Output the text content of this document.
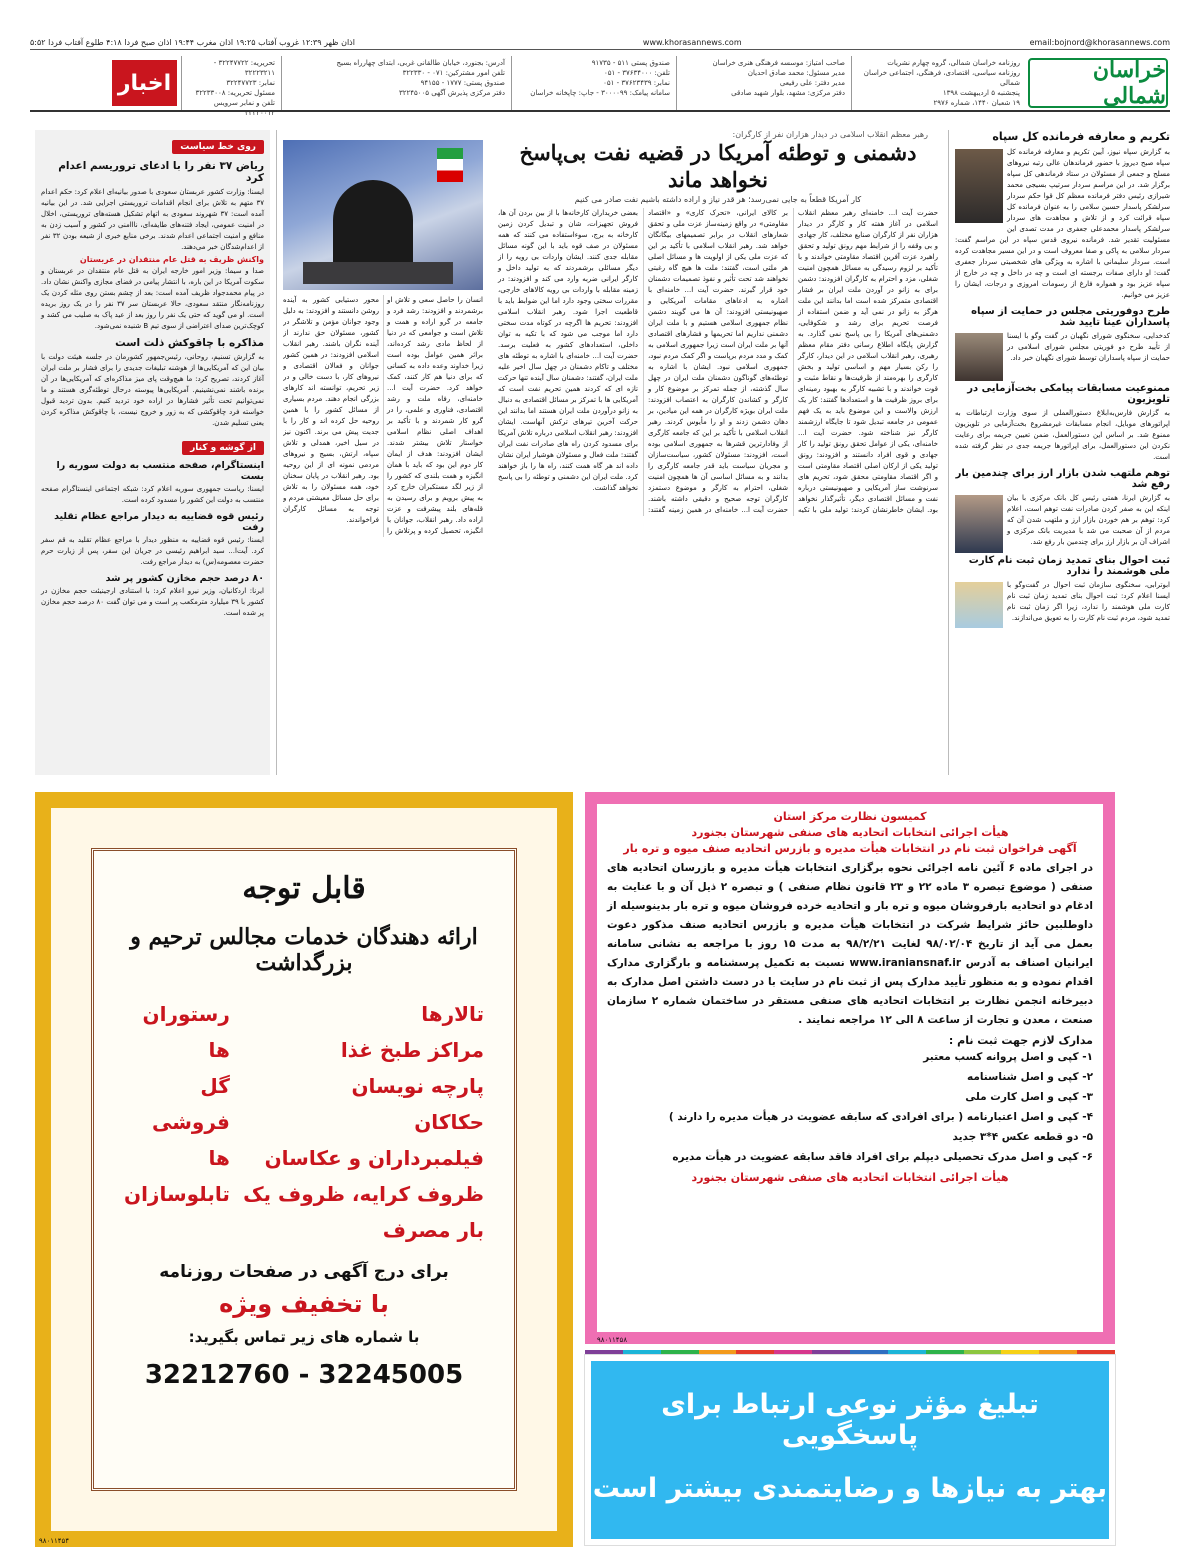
اذان ظهر ۱۲:۳۹ غروب آفتاب ۱۹:۲۵ اذان مغرب ۱۹:۴۴ اذان صبح فردا ۴:۱۸ طلوع آفتاب فردا ۵:۵۲	www.khorasannews.com	email:bojnord@khorasannews.com
خراسان شمالی
روزنامه خراسان شمالی، گروه چهارم نشریات
روزنامه سیاسی، اقتصادی، فرهنگی، اجتماعی خراسان شمالی
پنجشنبه ۵ اردیبهشت ۱۳۹۸
۱۹ شعبان ۱۴۴۰، شماره ۲۹۷۶
صاحب امتیاز: موسسه فرهنگی هنری خراسان
مدیر مسئول: محمد صادق احدیان
مدیر دفتر: علی رفیعی
دفتر مرکزی: مشهد، بلوار شهید صادقی
صندوق پستی ۵۱۱ - ۹۱۷۳۵
تلفن: ۳۷۶۳۴۰۰۰ - ۰۵۱
نمابر: ۳۷۶۲۳۴۳۹ - ۰۵۱
سامانه پیامک: ۳۰۰۰۰۹۹ - جاپ: چاپخانه خراسان
آدرس: بجنورد، خیابان طالقانی غربی، ابتدای چهارراه بسیج
تلفن امور مشترکین: ۰۷۱ - ۳۲۲۳۳۰
صندوق پستی: ۱۷۷۷ - ۹۴۱۵۵
دفتر مرکزی پذیرش آگهی ۳۲۲۴۵۰۰۵
تحریریه: ۳۲۲۴۷۷۲۲ - ۳۲۲۲۳۲۱۱
نمابر: ۳۲۲۴۷۷۲۳
مسئول تحریریه: ۳۲۲۳۳۰۰۸
تلفن و نمابر سرویس ۳۲۲۳۰۰۱۴
اخبار
تکریم و معارفه فرمانده کل سپاه

به گزارش سپاه نیوز، آیین تکریم و معارفه فرمانده کل سپاه صبح دیروز با حضور فرماندهان عالی رتبه نیروهای مسلح و جمعی از مسئولان در ستاد فرماندهی کل سپاه برگزار شد. در این مراسم سردار سرتیپ بسیجی محمد شیرازی رئیس دفتر فرمانده معظم کل قوا حکم سردار سرلشکر پاسدار حسین سلامی را به عنوان فرمانده کل سپاه قرائت کرد و از تلاش و مجاهدت های سردار سرلشکر پاسدار محمدعلی جعفری در مدت تصدی این مسئولیت تقدیر شد. فرمانده نیروی قدس سپاه در این مراسم گفت: سردار سلامی به پاکی و صفا معروف است و در این مسیر مجاهدت کرده است. سردار سلیمانی با اشاره به ویژگی های شخصیتی سردار جعفری گفت: او دارای صفات برجسته ای است و چه در داخل و چه در خارج از سپاه عزیز بود و همواره فارغ از رسومات امروزی و درجات، ایشان را عزیز می خوانیم.

طرح دوفوریتی مجلس در حمایت از سپاه پاسداران عینا تایید شد

کدخدایی، سخنگوی شورای نگهبان در گفت وگو با ایسنا از تأیید طرح دو فوریتی مجلس شورای اسلامی در حمایت از سپاه پاسداران توسط شورای نگهبان خبر داد.

ممنوعیت مسابقات پیامکی بخت‌آزمایی در تلویزیون

به گزارش فارس‌به‌ابلاغ دستورالعملی از سوی وزارت ارتباطات به اپراتورهای موبایل، انجام مسابقات غیرمشروع بخت‌آزمایی در تلویزیون ممنوع شد. بر اساس این دستورالعمل، ضمن تعیین جریمه برای رعایت نکردن این دستورالعمل، برای اپراتورها جریمه جدی در نظر گرفته شده است.

توهم ملتهب شدن بازار ارز برای چندمین بار رفع شد

به گزارش ایرنا، همتی رئیس کل بانک مرکزی با بیان اینکه این به صفر کردن صادرات نفت توهم است، اعلام کرد: توهم بر هم خوردن بازار ارز و ملتهب شدن آن که مردم از آن صحبت می شد با مدیریت بانک مرکزی و اشراف آن بر بازار ارز برای چندمین بار رفع شد.

ثبت احوال بنای تمدید زمان ثبت نام کارت ملی هوشمند را ندارد

ابوترابی، سخنگوی سازمان ثبت احوال در گفت‌وگو با ایسنا اعلام کرد: ثبت احوال بنای تمدید زمان ثبت نام کارت ملی هوشمند را ندارد، زیرا اگر زمان ثبت نام تمدید شود، مردم ثبت نام کارت را به تعویق می‌اندازند.

رهبر معظم انقلاب اسلامی در دیدار هزاران نفر از کارگران:
دشمنی و توطئه آمریکا در قضیه نفت بی‌پاسخ نخواهد ماند
کار آمریکا قطعاً به جایی نمی‌رسد؛ هر قدر نیاز و اراده داشته باشیم نفت صادر می کنیم

حضرت آیت ا... خامنه‌ای رهبر معظم انقلاب اسلامی در آغاز هفته کار و کارگر در دیدار هزاران نفر از کارگران صنایع مختلف، کار جهادی و بی وقفه را از شرایط مهم رونق تولید و تحقق راهبرد عزت آفرین اقتصاد مقاومتی خواندند و با تأکید بر لزوم رسیدگی به مسائل همچون امنیت شغلی، مزد و احترام به کارگران افزودند: دشمن برای به زانو در آوردن ملت ایران بر فشار اقتصادی متمرکز شده است اما بدانند این ملت هرگز به زانو در نمی آید و ضمن استفاده از فرصت تحریم برای رشد و شکوفایی، دشمنی‌های آمریکا را بی پاسخ نمی گذارد. به گزارش پایگاه اطلاع رسانی دفتر مقام معظم رهبری، رهبر انقلاب اسلامی در این دیدار، کارگر را رکن بسیار مهم و اساسی تولید و بخش کارگری را بهره‌مند از ظرفیت‌ها و نقاط مثبت و قوت خواندند و با تشبیه کارگر به بهبود رمینه‌ای برای بروز ظرفیت ها و استعدادها گفتند: کار یک ارزش والاست و این موضوع باید به یک فهم عمومی در جامعه تبدیل شود تا جایگاه ارزشمند کارگر نیز شناخته شود. حضرت آیت ا... خامنه‌ای، یکی از عوامل تحقق رونق تولید را کار جهادی و قوی افراد دانستند و افزودند: رونق تولید یکی از ارکان اصلی اقتصاد مقاومتی است و اگر اقتصاد مقاومتی محقق شود، تحریم های سرنوشت ساز آمریکایی و صهیونیستی درباره نفت و مسائل اقتصادی دیگر، تأثیرگذار نخواهد بود. ایشان خاطرنشان کردند: تولید ملی با تکیه بر کالای ایرانی، «تحرک کاری» و «اقتصاد مقاومتی» در واقع زمینه‌ساز عزت ملی و تحقق شعارهای انقلاب در برابر تصمیمهای بیگانگان خواهد شد. رهبر انقلاب اسلامی با تأکید بر این که عزت ملی یکی از اولویت ها و مسائل اصلی هر ملتی است، گفتند: ملت ها هیچ گاه رغبتی نخواهند شد تحت تأثیر و نفوذ تصمیمات دشمنان خود قرار گیرند. حضرت آیت ا... خامنه‌ای با اشاره به ادعاهای مقامات آمریکایی و صهیونیستی افزودند: آن ها می گویند دشمن نظام جمهوری اسلامی هستیم و با ملت ایران دشمنی نداریم اما تحریمها و فشارهای اقتصادی آنها بر ملت ایران است زیرا جمهوری اسلامی به کمک و مدد مردم برپاست و اگر کمک مردم نبود، جمهوری اسلامی نبود. ایشان با اشاره به توطئه‌های گوناگون دشمنان ملت ایران در چهل سال گذشته، از جمله تمرکز بر موضوع کار و کارگر و کشاندن کارگران به اعتصاب افزودند: ملت ایران بویژه کارگران در همه این میادین، بر دهان دشمن زدند و او را مأیوس کردند. رهبر انقلاب اسلامی با تأکید بر این که جامعه کارگری از وفادارترین قشرها به جمهوری اسلامی بوده است، افزودند: مسئولان کشور، سیاست‌سازان و مجریان سیاست باید قدر جامعه کارگری را بدانند و به مسائل اساسی آن ها همچون امنیت شغلی، احترام به کارگر و موضوع دستمزد کارگران توجه صحیح و دقیقی داشته باشند. حضرت آیت ا... خامنه‌ای در همین زمینه گفتند: بعضی خریداران کارخانه‌ها با از بین بردن آن ها، فروش تجهیزات، شان و تبدیل کردن زمین کارخانه به برج، سوءاستفاده می کنند که همه مسئولان در صف قوه باید با این گونه مسائل مقابله جدی کنند. ایشان واردات بی رویه را از دیگر مسائلی برشمردند که به تولید داخل و کارگر ایرانی ضربه وارد می کند و افزودند: در زمینه مقابله با واردات بی رویه کالاهای خارجی، مقررات سختی وجود دارد اما این ضوابط باید با قاطعیت اجرا شود. رهبر انقلاب اسلامی افزودند: تحریم ها اگرچه در کوتاه مدت سختی دارد اما موجب می شود که با تکیه به توان داخلی، استعدادهای کشور به فعلیت برسد. حضرت آیت ا... خامنه‌ای با اشاره به توطئه های مختلف و تاکام دشمنان در چهل سال اخیر علیه ملت ایران، گفتند: دشمنان سال آینده تنها حرکت تازه ای که کردند همین تحریم نفت است که آمریکایی ها با تمرکز بر مسائل اقتصادی به دنبال به زانو درآوردن ملت ایران هستند اما بدانند این حرکت آخرین تیرهای ترکش آنهاست. ایشان افزودند: رهبر انقلاب اسلامی درباره تلاش آمریکا برای مسدود کردن راه های صادرات نفت ایران گفتند: ملت فعال و مسئولان هوشیار ایران نشان داده اند هر گاه همت کنند، راه ها را باز خواهند کرد. ملت ایران این دشمنی و توطئه را بی پاسخ نخواهد گذاشت.

انسان را حاصل سعی و تلاش او برشمردند و افزودند: رشد فرد و جامعه در گرو اراده و همت و تلاش است و جوامعی که در دنیا از لحاظ مادی رشد کرده‌اند، براثر همین عوامل بوده است زیرا خداوند وعده داده به کسانی که برای دنیا هم کار کنند، کمک خواهد کرد. حضرت آیت ا... خامنه‌ای، رفاه ملت و رشد اقتصادی، فناوری و علمی، را در گرو کار شمردند و با تأکید بر اهداف اصلی نظام اسلامی خواستار تلاش بیشتر شدند. ایشان افزودند: هدف از ایمان کار دوم این بود که باید با همان انگیزه و همت بلندی که کشور را از زیر لگد مستکبران خارج کرد به پیش برویم و برای رسیدن به قله‌های بلند پیشرفت و عزت اراده داد. رهبر انقلاب، جوانان با انگیزه، تحصیل کرده و پرتلاش را محور دستیابی کشور به آینده روشن دانستند و افزودند: به دلیل وجود جوانان مؤمن و تلاشگر در کشور، مسئولان حق ندارند از آینده نگران باشند. رهبر انقلاب اسلامی افزودند: در همین کشور جوانان و فعالان اقتصادی و نیروهای کار، با دست خالی و در زیر تحریم، توانسته اند کارهای بزرگی انجام دهند. مردم بسیاری از مسائل کشور را با همین روحیه حل کرده اند و کار را با جدیت پیش می برند. اکنون نیز در سیل اخیر، همدلی و تلاش سپاه، ارتش، بسیج و نیروهای مردمی نمونه ای از این روحیه بود. رهبر انقلاب در پایان سخنان خود، همه مسئولان را به تلاش برای حل مسائل معیشتی مردم و توجه به مسائل کارگران فراخواندند.

روی خط سیاست
ریاض ۳۷ نفر را با ادعای تروریسم اعدام کرد

ایسنا: وزارت کشور عربستان سعودی با صدور بیانیه‌ای اعلام کرد: حکم اعدام ۳۷ متهم به تلاش برای انجام اقدامات تروریستی اجرایی شد. در این بیانیه آمده است: ۳۷ شهروند سعودی به اتهام تشکیل هسته‌های تروریستی، اخلال در امنیت عمومی، ایجاد فتنه‌های طایفه‌ای، نااامنی در کشور و آسیب زدن به منافع و امنیت اجتماعی اعدام شدند. برخی منابع خبری از شیعه بودن ۳۲ نفر از اعدام‌شدگان خبر می‌دهند.

واکنش ظریف به قتل عام منتقدان در عربستان

صدا و سیما: وزیر امور خارجه ایران به قتل عام منتقدان در عربستان و سکوت آمریکا در این باره، با انتشار پیامی در فضای مجازی واکنش نشان داد. در پیام محمدجواد ظریف آمده است: بعد از چشم بستن روی مثله کردن یک روزنامه‌نگار منتقد سعودی، حالا عربستان سر ۳۷ نفر را در یک روز بریده است. او می گوید که حتی یک نفر را روز بعد از عید پاک به صلیب می کشد و کوچک‌ترین صدای اعتراضی از سوی تیم B شنیده نمی‌شود.

مذاکره با چاقوکش ذلت است

به گزارش تسنیم، روحانی، رئیس‌جمهور کشورمان در جلسه هیئت دولت با بیان این که آمریکایی‌ها از هوشنه تبلیغات جدیدی را برای فشار بر ملت ایران آغاز کردند، تصریح کرد: ما هیچ‌وقت پای میز مذاکره‌ای که آمریکایی‌ها در آن برنده باشند نمی‌نشینیم. آمریکایی‌ها پیوسته درحال توطئه‌گری هستند و ما نمی‌توانیم تحت تأثیر فشارها در اراده خود تردید کنیم. بدون تردید قبول خواسته فرد چاقوکشی که به زور و خروج نیست، با چاقوکش مذاکره کردن یعنی تسلیم شدن.

از گوشه و کنار
اینستاگرام، صفحه منتسب به دولت سوریه را بست

ایسنا: ریاست جمهوری سوریه اعلام کرد: شبکه اجتماعی اینستاگرام صفحه منتسب به دولت این کشور را مسدود کرده است.

رئیس قوه قضاییه به دیدار مراجع عظام تقلید رفت

ایسنا: رئیس قوه قضاییه به منظور دیدار با مراجع عظام تقلید به قم سفر کرد. آیت‌ا... سید ابراهیم رئیسی در جریان این سفر، پس از زیارت حرم حضرت معصومه(س) به دیدار مراجع رفت.

۸۰ درصد حجم مخازن کشور پر شد

ایرنا: اردکانیان، وزیر نیرو اعلام کرد: با استنادی ارجینیئت حجم مخازن در کشور با ۳۹ میلیارد مترمکعب پر است و می توان گفت ۸۰ درصد حجم مخازن پر شده است.

قابل توجه
ارائه دهندگان خدمات مجالس ترحیم و بزرگداشت
تالارها
مراکز طبخ غذا
پارچه نویسان
حکاکان
فیلمبرداران و عکاسان
ظروف کرایه، ظروف یک بار مصرف
رستوران ها
گل فروشی ها
تابلوسازان
برای درج آگهی در صفحات روزنامه
با تخفیف ویژه
با شماره های زیر تماس بگیرید:
32212760 - 32245005
۹۸۰۱۱۴۵۴
کمیسون نظارت مرکز استان
هیأت اجرائی انتخابات اتحادیه های صنفی شهرستان بجنورد
آگهی فراخوان ثبت نام در انتخابات هیأت مدیره و بازرس اتحادیه صنف میوه و تره بار

در اجرای ماده ۶ آئین نامه اجرائی نحوه برگزاری انتخابات هیأت مدیره و بازرسان اتحادیه های صنفی ( موضوع تبصره ۳ ماده ۲۲ و ۲۳ قانون نظام صنفی ) و تبصره ۲ ذیل آن و با عنایت به ادغام دو اتحادیه بارفروشان میوه و تره بار و اتحادیه خرده فروشان میوه و تره بار بدینوسیله از داوطلبین حائز شرایط شرکت در انتخابات هیأت مدیره و بازرس اتحادیه صنف مذکور دعوت بعمل می آید از تاریخ ۹۸/۰۲/۰۴ لغایت ۹۸/۲/۲۱ به مدت ۱۵ روز با مراجعه به نشانی سامانه ایرانیان اصناف به آدرس www.iraniansnaf.ir نسبت به تکمیل پرسشنامه و بارگزاری مدارک اقدام نموده و به منظور تأیید مدارک پس از ثبت نام در سایت با در دست داشتن اصل مدارک به دبیرخانه انجمن نظارت بر انتخابات اتحادیه های صنفی مستقر در ساختمان شماره ۲ سازمان صنعت ، معدن و تجارت از ساعت ۸ الی ۱۲ مراجعه نمایند .

مدارک لازم جهت ثبت نام :
۱- کپی و اصل پروانه کسب معتبر
۲- کپی و اصل شناسنامه
۳- کپی و اصل کارت ملی
۴- کپی و اصل اعتبارنامه ( برای افرادی که سابقه عضویت در هیأت مدیره را دارند )
۵- دو قطعه عکس ۴*۳ جدید
۶- کپی و اصل مدرک تحصیلی دیپلم برای افراد فاقد سابقه عضویت در هیأت مدیره
هیأت اجرائی انتخابات اتحادیه های صنفی شهرستان بجنورد
۹۸۰۱۱۴۵۸
تبلیغ مؤثر نوعی ارتباط برای پاسخگویی
بهتر به نیازها و رضایتمندی بیشتر است
